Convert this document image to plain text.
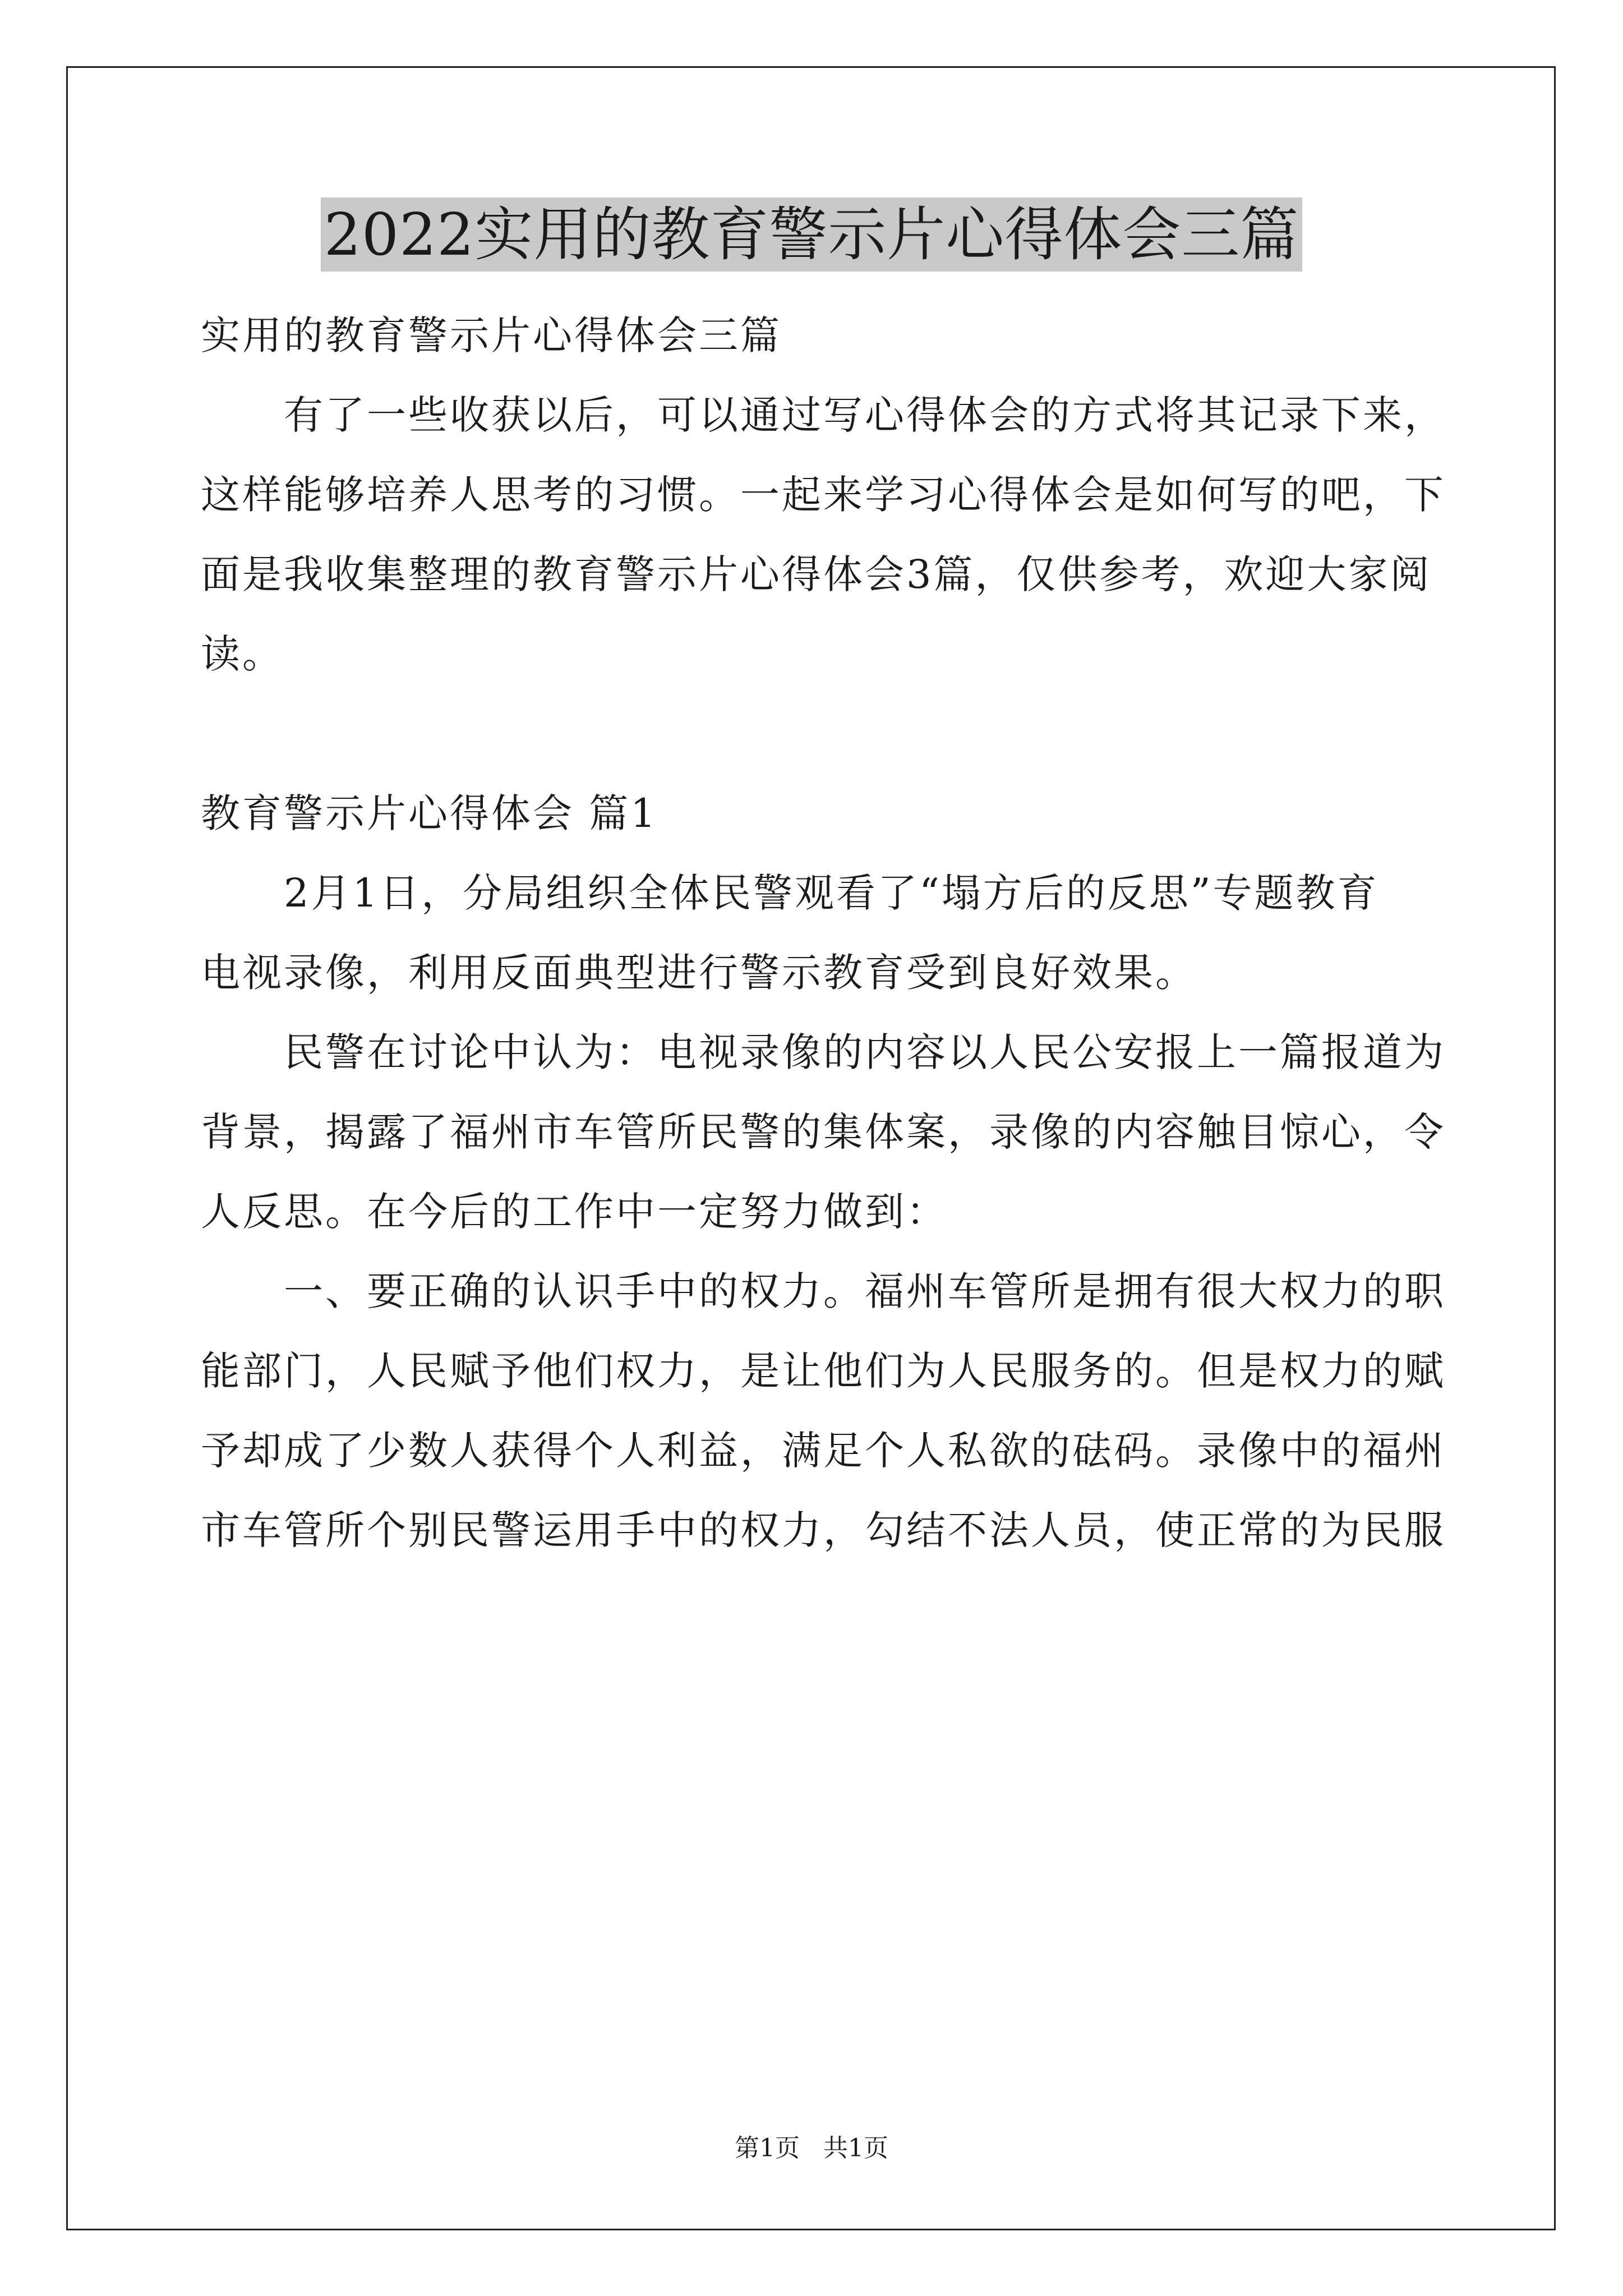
2022实用的教育警示片心得体会三篇
实用的教育警示片心得体会三篇
　　有了一些收获以后，可以通过写心得体会的方式将其记录下来，
这样能够培养人思考的习惯。一起来学习心得体会是如何写的吧，下
面是我收集整理的教育警示片心得体会3篇，仅供参考，欢迎大家阅
读。
教育警示片心得体会 篇1
　　2月1日，分局组织全体民警观看了“塌方后的反思”专题教育
电视录像，利用反面典型进行警示教育受到良好效果。
　　民警在讨论中认为：电视录像的内容以人民公安报上一篇报道为
背景，揭露了福州市车管所民警的集体案，录像的内容触目惊心，令
人反思。在今后的工作中一定努力做到：
　　一、要正确的认识手中的权力。福州车管所是拥有很大权力的职
能部门，人民赋予他们权力，是让他们为人民服务的。但是权力的赋
予却成了少数人获得个人利益，满足个人私欲的砝码。录像中的福州
市车管所个别民警运用手中的权力，勾结不法人员，使正常的为民服
第1页 共1页
